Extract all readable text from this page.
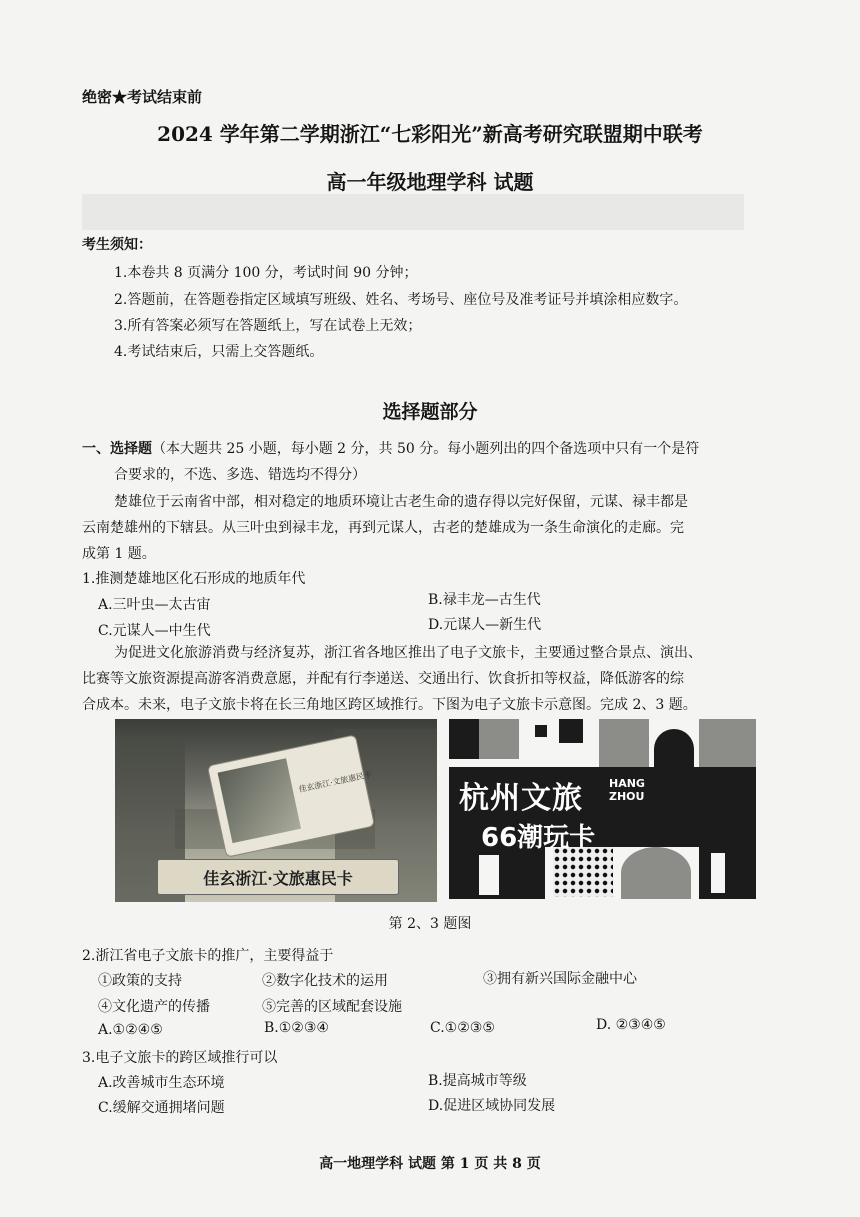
绝密★考试结束前
2024 学年第二学期浙江“七彩阳光”新高考研究联盟期中联考
高一年级地理学科 试题
考生须知：
1.本卷共 8 页满分 100 分，考试时间 90 分钟；
2.答题前，在答题卷指定区域填写班级、姓名、考场号、座位号及准考证号并填涂相应数字。
3.所有答案必须写在答题纸上，写在试卷上无效；
4.考试结束后，只需上交答题纸。
选择题部分
一、选择题（本大题共 25 小题，每小题 2 分，共 50 分。每小题列出的四个备选项中只有一个是符
合要求的，不选、多选、错选均不得分）
楚雄位于云南省中部，相对稳定的地质环境让古老生命的遗存得以完好保留，元谋、禄丰都是
云南楚雄州的下辖县。从三叶虫到禄丰龙，再到元谋人，古老的楚雄成为一条生命演化的走廊。完
成第 1 题。
1.推测楚雄地区化石形成的地质年代
A.三叶虫—太古宙	B.禄丰龙—古生代
C.元谋人—中生代	D.元谋人—新生代
为促进文化旅游消费与经济复苏，浙江省各地区推出了电子文旅卡，主要通过整合景点、演出、
比赛等文旅资源提高游客消费意愿，并配有行李递送、交通出行、饮食折扣等权益，降低游客的综
合成本。未来，电子文旅卡将在长三角地区跨区域推行。下图为电子文旅卡示意图。完成 2、3 题。
佳玄浙江·文旅惠民卡
佳玄浙江·文旅惠民卡
杭州文旅 HANG
ZHOU
66潮玩卡
第 2、3 题图
2.浙江省电子文旅卡的推广，主要得益于
①政策的支持	②数字化技术的运用	③拥有新兴国际金融中心
④文化遗产的传播	⑤完善的区域配套设施
A.①②④⑤	B.①②③④	C.①②③⑤	D. ②③④⑤
3.电子文旅卡的跨区域推行可以
A.改善城市生态环境	B.提高城市等级
C.缓解交通拥堵问题	D.促进区域协同发展
高一地理学科 试题 第 1 页 共 8 页
